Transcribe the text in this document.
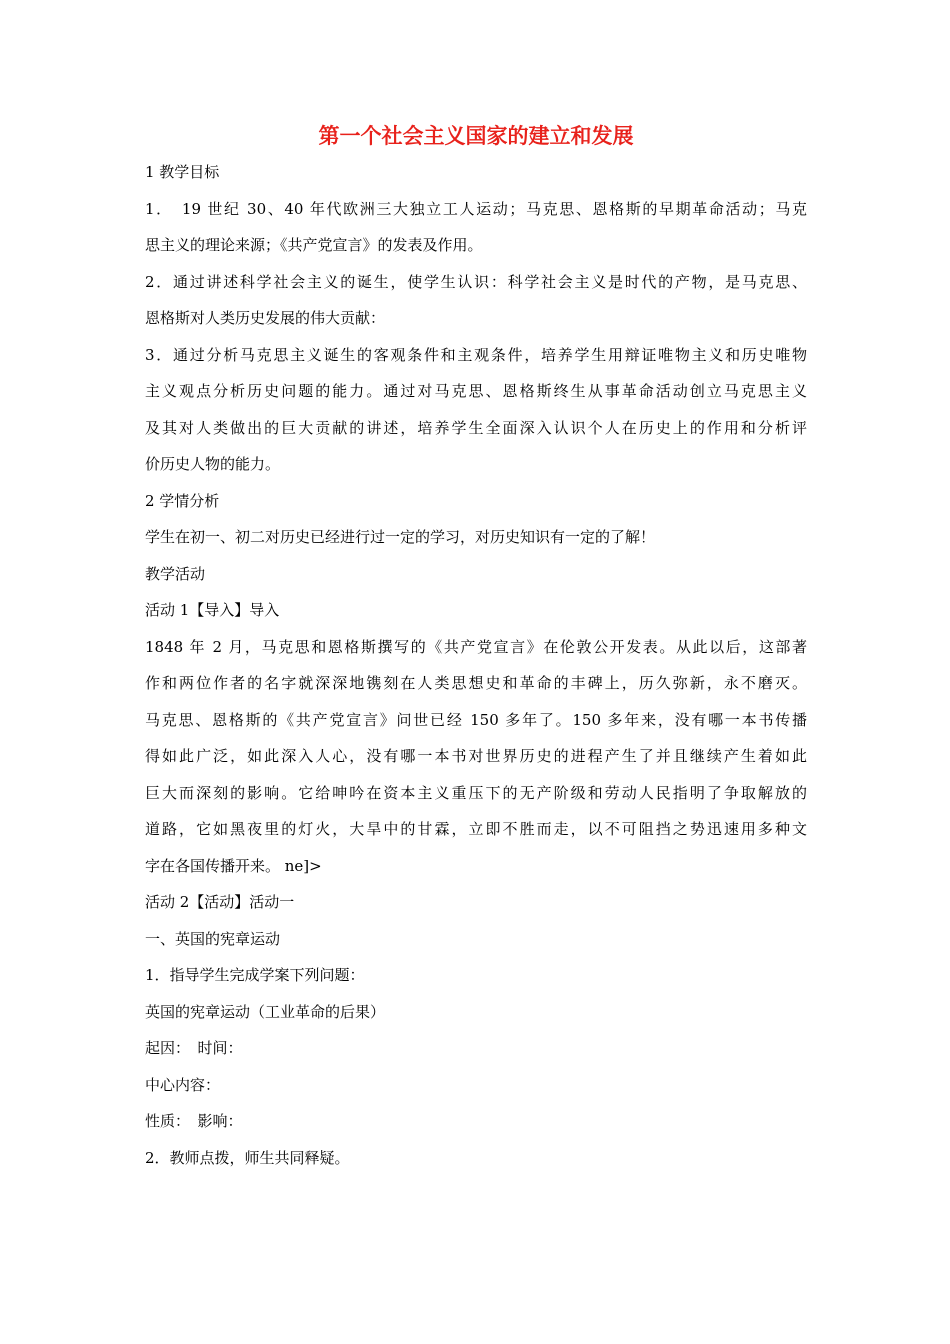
第一个社会主义国家的建立和发展

1 教学目标

1．　19 世纪 30、40 年代欧洲三大独立工人运动；马克思、恩格斯的早期革命活动；马克

思主义的理论来源；《共产党宣言》的发表及作用。

2．通过讲述科学社会主义的诞生，使学生认识：科学社会主义是时代的产物，是马克思、

恩格斯对人类历史发展的伟大贡献：

3．通过分析马克思主义诞生的客观条件和主观条件，培养学生用辩证唯物主义和历史唯物

主义观点分析历史问题的能力。通过对马克思、恩格斯终生从事革命活动创立马克思主义

及其对人类做出的巨大贡献的讲述，培养学生全面深入认识个人在历史上的作用和分析评

价历史人物的能力。

2 学情分析

学生在初一、初二对历史已经进行过一定的学习，对历史知识有一定的了解！

教学活动

活动 1【导入】导入

1848 年 2 月，马克思和恩格斯撰写的《共产党宣言》在伦敦公开发表。从此以后，这部著

作和两位作者的名字就深深地镌刻在人类思想史和革命的丰碑上，历久弥新，永不磨灭。

马克思、恩格斯的《共产党宣言》问世已经 150 多年了。150 多年来，没有哪一本书传播

得如此广泛，如此深入人心，没有哪一本书对世界历史的进程产生了并且继续产生着如此

巨大而深刻的影响。它给呻吟在资本主义重压下的无产阶级和劳动人民指明了争取解放的

道路，它如黑夜里的灯火，大旱中的甘霖，立即不胜而走，以不可阻挡之势迅速用多种文

字在各国传播开来。 ne]>

活动 2【活动】活动一

一、英国的宪章运动

1．指导学生完成学案下列问题：

英国的宪章运动（工业革命的后果）

起因：　时间：

中心内容：

性质：　影响：

2．教师点拨，师生共同释疑。
